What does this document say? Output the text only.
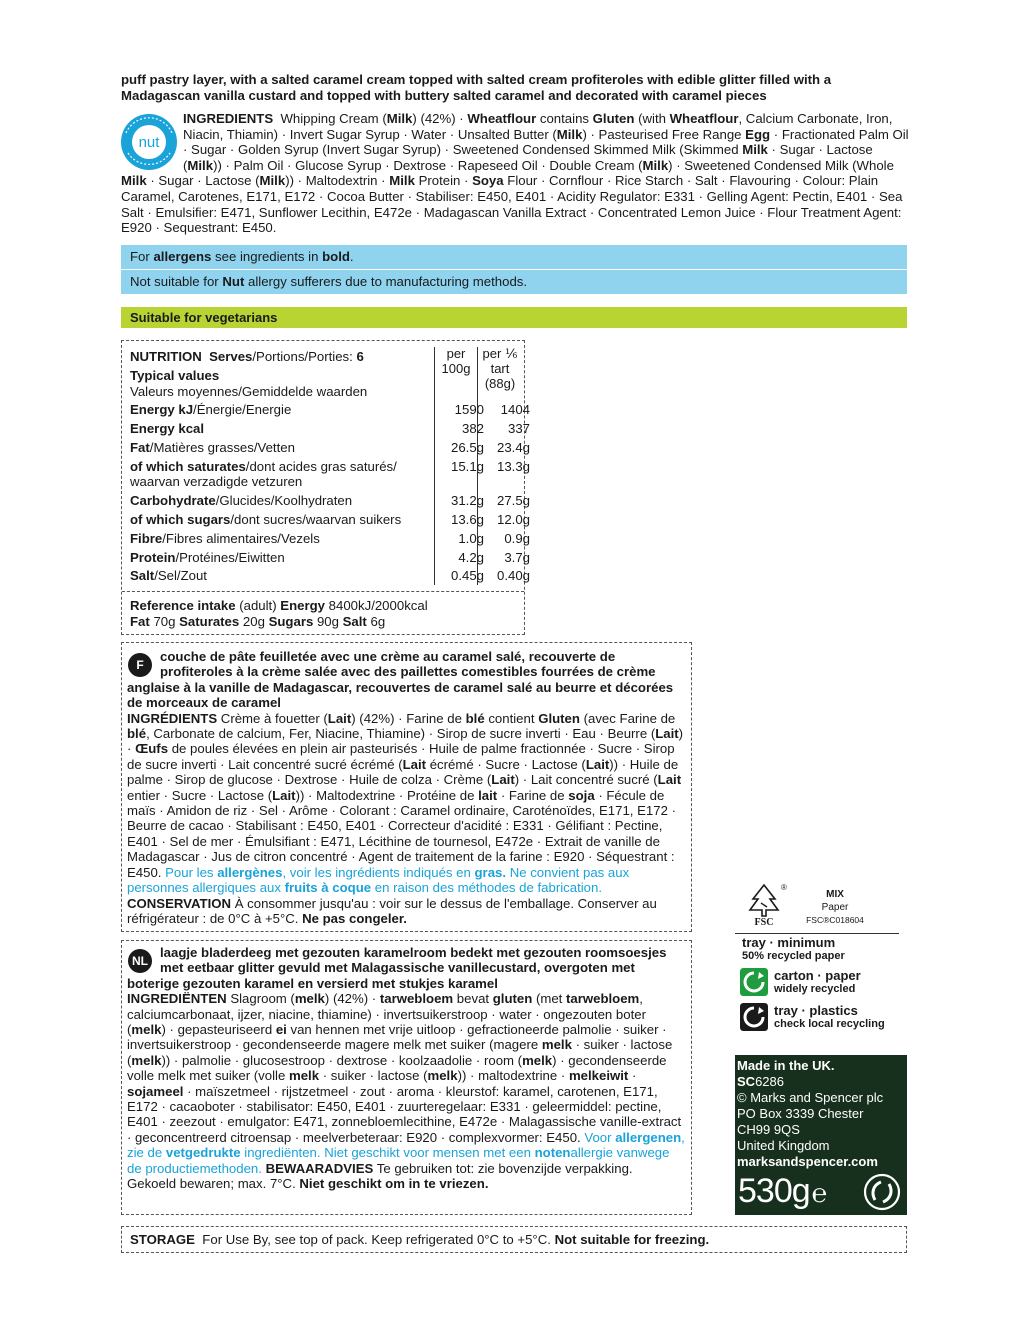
puff pastry layer, with a salted caramel cream topped with salted cream profiteroles with edible glitter filled with a Madagascan vanilla custard and topped with buttery salted caramel and decorated with caramel pieces
nut
INGREDIENTS  Whipping Cream (Milk) (42%) · Wheatflour contains Gluten (with Wheatflour, Calcium Carbonate, Iron, Niacin, Thiamin) · Invert Sugar Syrup · Water · Unsalted Butter (Milk) · Pasteurised Free Range Egg · Fractionated Palm Oil · Sugar · Golden Syrup (Invert Sugar Syrup) · Sweetened Condensed Skimmed Milk (Skimmed Milk · Sugar · Lactose (Milk)) · Palm Oil · Glucose Syrup · Dextrose · Rapeseed Oil · Double Cream (Milk) · Sweetened Condensed Milk (Whole Milk · Sugar · Lactose (Milk)) · Maltodextrin · Milk Protein · Soya Flour · Cornflour · Rice Starch · Salt · Flavouring · Colour: Plain Caramel, Carotenes, E171, E172 · Cocoa Butter · Stabiliser: E450, E401 · Acidity Regulator: E331 · Gelling Agent: Pectin, E401 · Sea Salt · Emulsifier: E471, Sunflower Lecithin, E472e · Madagascan Vanilla Extract · Concentrated Lemon Juice · Flour Treatment Agent: E920 · Sequestrant: E450.
For allergens see ingredients in bold.
Not suitable for Nut allergy sufferers due to manufacturing methods.
Suitable for vegetarians
NUTRITION Serves/Portions/Porties: 6
Typical values
Valeurs moyennes/Gemiddelde waarden
per
100g
per ⅙
tart
(88g)
Energy kJ/Énergie/Energie	1590	1404
Energy kcal	382	337
Fat/Matières grasses/Vetten	26.5g 23.4g
of which saturates/dont acides gras saturés/
waarvan verzadigde vetzuren
15.1g 13.3g
Carbohydrate/Glucides/Koolhydraten	31.2g 27.5g
of which sugars/dont sucres/waarvan suikers	13.6g 12.0g
Fibre/Fibres alimentaires/Vezels	1.0g	0.9g
Protein/Protéines/Eiwitten	4.2g	3.7g
Salt/Sel/Zout	0.45g 0.40g
Reference intake (adult) Energy 8400kJ/2000kcal
Fat 70g Saturates 20g Sugars 90g Salt 6g
F
couche de pâte feuilletée avec une crème au caramel salé, recouverte de profiteroles à la crème salée avec des paillettes comestibles fourrées de crème anglaise à la vanille de Madagascar, recouvertes de caramel salé au beurre et décorées de morceaux de caramel
INGRÉDIENTS Crème à fouetter (Lait) (42%) · Farine de blé contient Gluten (avec Farine de blé, Carbonate de calcium, Fer, Niacine, Thiamine) · Sirop de sucre inverti · Eau · Beurre (Lait) · Œufs de poules élevées en plein air pasteurisés · Huile de palme fractionnée · Sucre · Sirop de sucre inverti · Lait concentré sucré écrémé (Lait écrémé · Sucre · Lactose (Lait)) · Huile de palme · Sirop de glucose · Dextrose · Huile de colza · Crème (Lait) · Lait concentré sucré (Lait entier · Sucre · Lactose (Lait)) · Maltodextrine · Protéine de lait · Farine de soja · Fécule de maïs · Amidon de riz · Sel · Arôme · Colorant : Caramel ordinaire, Caroténoïdes, E171, E172 · Beurre de cacao · Stabilisant : E450, E401 · Correcteur d'acidité : E331 · Gélifiant : Pectine, E401 · Sel de mer · Émulsifiant : E471, Lécithine de tournesol, E472e · Extrait de vanille de Madagascar · Jus de citron concentré · Agent de traitement de la farine : E920 · Séquestrant : E450. Pour les allergènes, voir les ingrédients indiqués en gras. Ne convient pas aux personnes allergiques aux fruits à coque en raison des méthodes de fabrication. CONSERVATION À consommer jusqu'au : voir sur le dessus de l'emballage. Conserver au réfrigérateur : de 0°C à +5°C. Ne pas congeler.
NL
laagje bladerdeeg met gezouten karamelroom bedekt met gezouten roomsoesjes met eetbaar glitter gevuld met Malagassische vanillecustard, overgoten met boterige gezouten karamel en versierd met stukjes karamel
INGREDIËNTEN Slagroom (melk) (42%) · tarwebloem bevat gluten (met tarwebloem, calciumcarbonaat, ijzer, niacine, thiamine) · invertsuikerstroop · water · ongezouten boter (melk) · gepasteuriseerd ei van hennen met vrije uitloop · gefractioneerde palmolie · suiker · invertsuikerstroop · gecondenseerde magere melk met suiker (magere melk · suiker · lactose (melk)) · palmolie · glucosestroop · dextrose · koolzaadolie · room (melk) · gecondenseerde volle melk met suiker (volle melk · suiker · lactose (melk)) · maltodextrine · melkeiwit · sojameel · maïszetmeel · rijstzetmeel · zout · aroma · kleurstof: karamel, carotenen, E171, E172 · cacaoboter · stabilisator: E450, E401 · zuurteregelaar: E331 · geleermiddel: pectine, E401 · zeezout · emulgator: E471, zonnebloemlecithine, E472e · Malagassische vanille-extract · geconcentreerd citroensap · meelverbeteraar: E920 · complexvormer: E450. Voor allergenen, zie de vetgedrukte ingrediënten. Niet geschikt voor mensen met een notenallergie vanwege de productiemethoden. BEWAARADVIES Te gebruiken tot: zie bovenzijde verpakking. Gekoeld bewaren; max. 7°C. Niet geschikt om in te vriezen.
FSC
®
MIX
Paper
FSC®C018604
tray · minimum
50% recycled paper
carton · paper
widely recycled
tray · plastics
check local recycling
Made in the UK.
SC6286
© Marks and Spencer plc
PO Box 3339 Chester
CH99 9QS
United Kingdom
marksandspencer.com
530g℮
STORAGE  For Use By, see top of pack. Keep refrigerated 0°C to +5°C. Not suitable for freezing.
